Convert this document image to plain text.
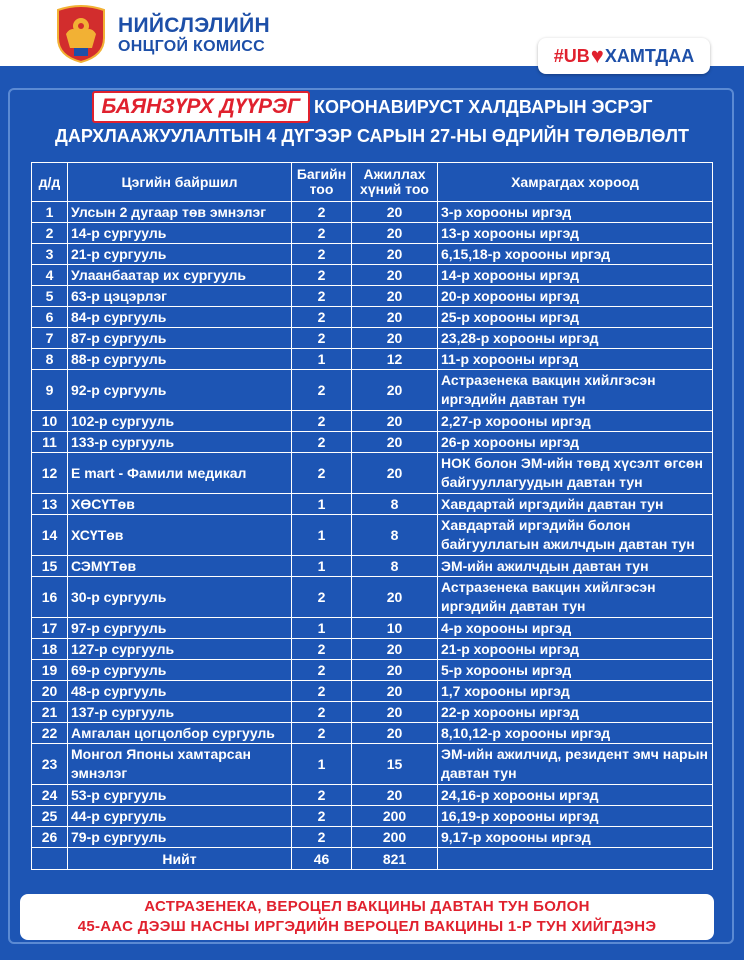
НИЙСЛЭЛИЙН
ОНЦГОЙ КОМИСС	#UB ♥ ХАМТДАА
БАЯНЗҮРХ ДҮҮРЭГ КОРОНАВИРУСТ ХАЛДВАРЫН ЭСРЭГ
ДАРХЛААЖУУЛАЛТЫН 4 ДҮГЭЭР САРЫН 27-НЫ ӨДРИЙН ТӨЛӨВЛӨЛТ
д/д	Цэгийн байршил	Багийн тоо	Ажиллах хүний тоо	Хамрагдах хороод
1	Улсын 2 дугаар төв эмнэлэг	2	20	3-р хорооны иргэд
2	14-р сургууль	2	20	13-р хорооны иргэд
3	21-р сургууль	2	20	6,15,18-р хорооны иргэд
4	Улаанбаатар их сургууль	2	20	14-р хорооны иргэд
5	63-р цэцэрлэг	2	20	20-р хорооны иргэд
6	84-р сургууль	2	20	25-р хорооны иргэд
7	87-р сургууль	2	20	23,28-р хорооны иргэд
8	88-р сургууль	1	12	11-р хорооны иргэд
9	92-р сургууль	2	20	Астразенека вакцин хийлгэсэн иргэдийн давтан тун
10	102-р сургууль	2	20	2,27-р хорооны иргэд
11	133-р сургууль	2	20	26-р хорооны иргэд
12	E mart - Фамили медикал	2	20	НОК болон ЭМ-ийн төвд хүсэлт өгсөн байгууллагуудын давтан тун
13	ХӨСҮТөв	1	8	Хавдартай иргэдийн давтан тун
14	ХСҮТөв	1	8	Хавдартай иргэдийн болон байгууллагын ажилчдын давтан тун
15	СЭМҮТөв	1	8	ЭМ-ийн ажилчдын давтан тун
16	30-р сургууль	2	20	Астразенека вакцин хийлгэсэн иргэдийн давтан тун
17	97-р сургууль	1	10	4-р хорооны иргэд
18	127-р сургууль	2	20	21-р хорооны иргэд
19	69-р сургууль	2	20	5-р хорооны иргэд
20	48-р сургууль	2	20	1,7 хорооны иргэд
21	137-р сургууль	2	20	22-р хорооны иргэд
22	Амгалан цогцолбор сургууль	2	20	8,10,12-р хорооны иргэд
23	Монгол Японы хамтарсан эмнэлэг	1	15	ЭМ-ийн ажилчид, резидент эмч нарын давтан тун
24	53-р сургууль	2	20	24,16-р хорооны иргэд
25	44-р сургууль	2	200	16,19-р хорооны иргэд
26	79-р сургууль	2	200	9,17-р хорооны иргэд
	Нийт	46	821	
АСТРАЗЕНЕКА, ВЕРОЦЕЛ ВАКЦИНЫ ДАВТАН ТУН БОЛОН
45-ААС ДЭЭШ НАСНЫ ИРГЭДИЙН ВЕРОЦЕЛ ВАКЦИНЫ 1-Р ТУН ХИЙГДЭНЭ
